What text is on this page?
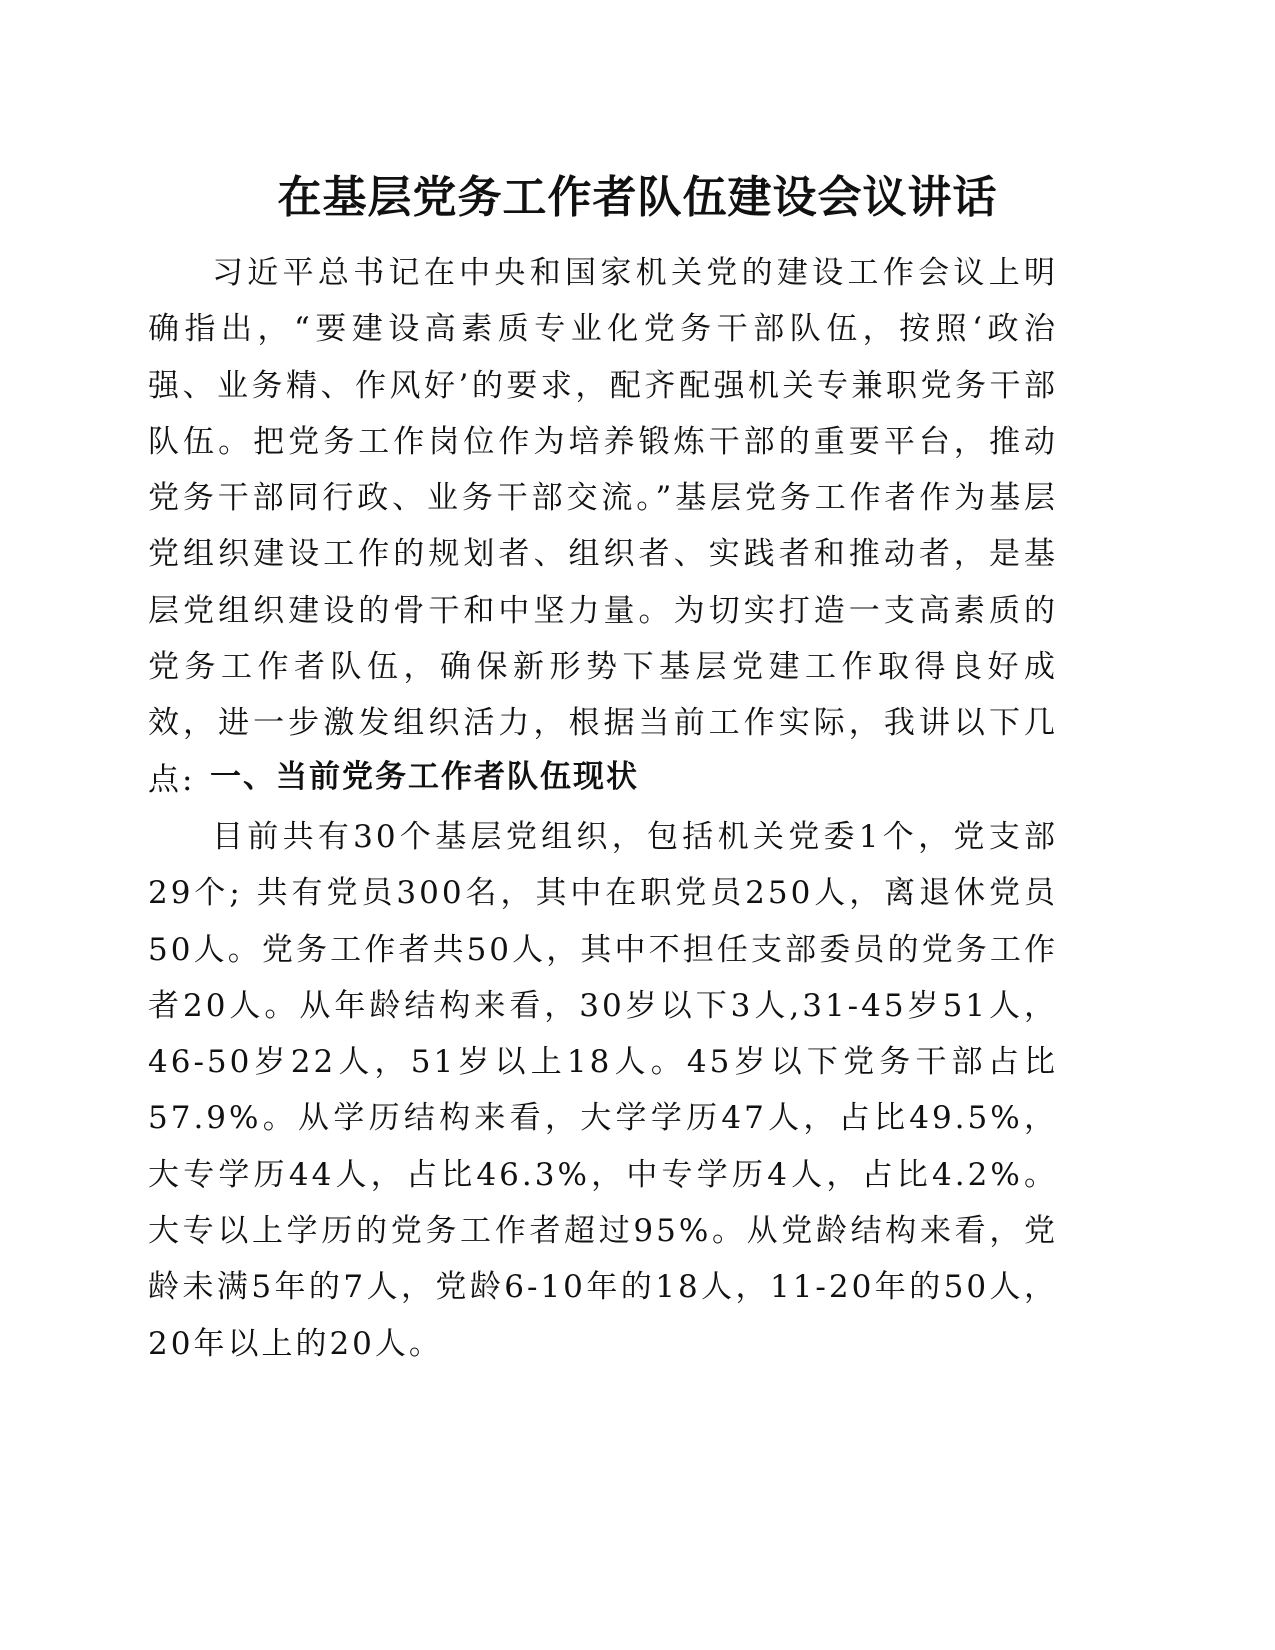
在基层党务工作者队伍建设会议讲话

习近平总书记在中央和国家机关党的建设工作会议上明确指出，“要建设高素质专业化党务干部队伍，按照‘政治强、业务精、作风好’的要求，配齐配强机关专兼职党务干部队伍。把党务工作岗位作为培养锻炼干部的重要平台，推动党务干部同行政、业务干部交流。”基层党务工作者作为基层党组织建设工作的规划者、组织者、实践者和推动者，是基层党组织建设的骨干和中坚力量。为切实打造一支高素质的党务工作者队伍，确保新形势下基层党建工作取得良好成效，进一步激发组织活力，根据当前工作实际，我讲以下几点: 一、当前党务工作者队伍现状

目前共有30个基层党组织，包括机关党委1个，党支部29个; 共有党员300名，其中在职党员250人，离退休党员50人。党务工作者共50人，其中不担任支部委员的党务工作者20人。从年龄结构来看，30岁以下3人,31-45岁51人，46-50岁22人，51岁以上18人。45岁以下党务干部占比57.9%。从学历结构来看，大学学历47人，占比49.5%，大专学历44人，占比46.3%，中专学历4人，占比4.2%。大专以上学历的党务工作者超过95%。从党龄结构来看，党龄未满5年的7人，党龄6-10年的18人，11-20年的50人，20年以上的20人。
